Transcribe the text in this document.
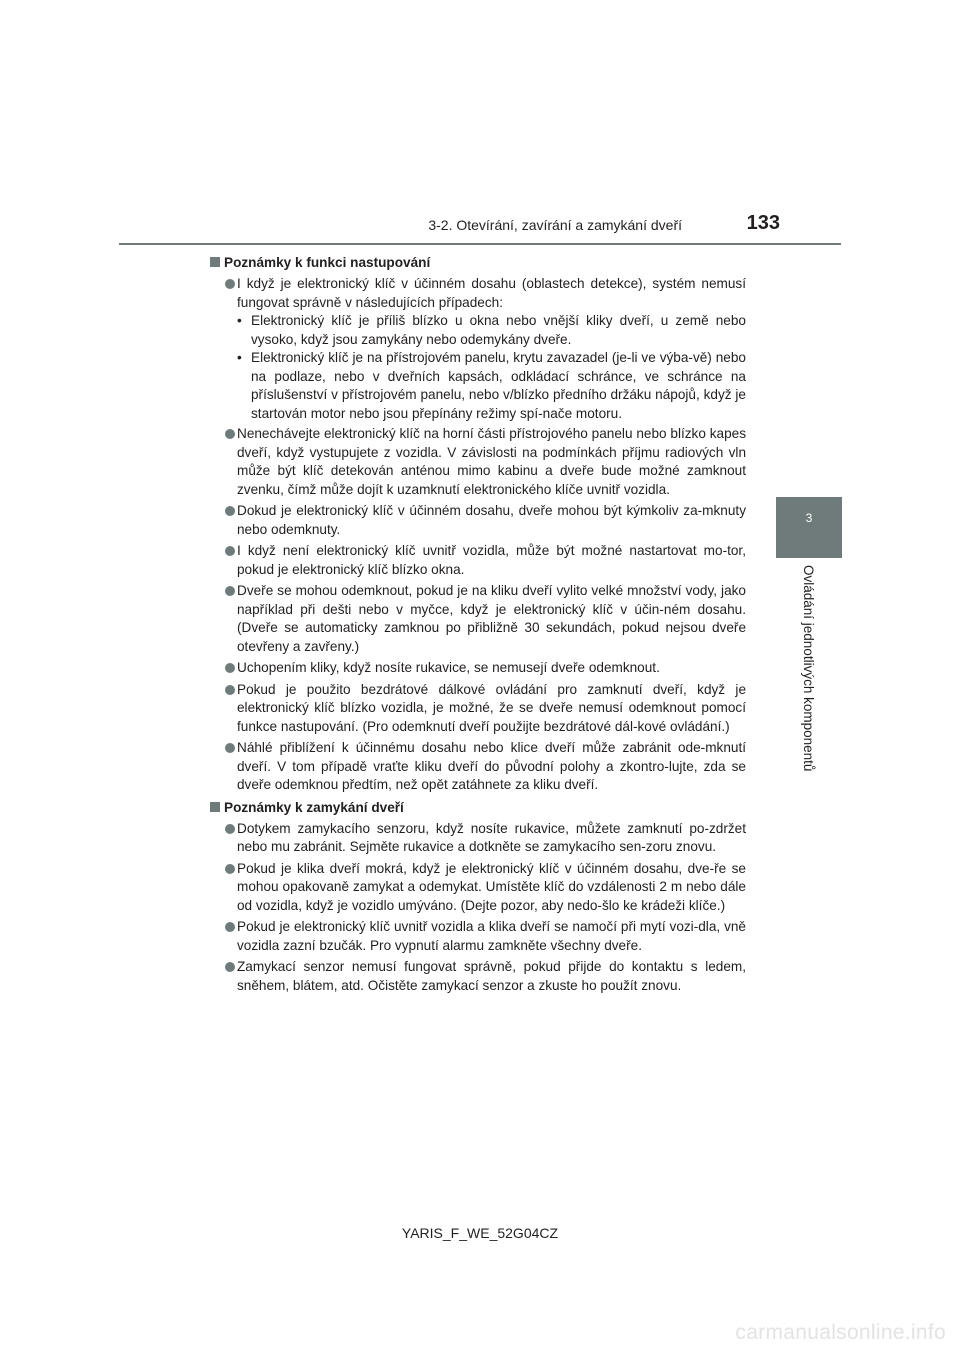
3-2. Otevírání, zavírání a zamykání dveří	133
3
Ovládání jednotlivých komponentů
Poznámky k funkci nastupování
I když je elektronický klíč v účinném dosahu (oblastech detekce), systém nemusí fungovat správně v následujících případech:
• Elektronický klíč je příliš blízko u okna nebo vnější kliky dveří, u země nebo vysoko, když jsou zamykány nebo odemykány dveře.
• Elektronický klíč je na přístrojovém panelu, krytu zavazadel (je-li ve výba-vě) nebo na podlaze, nebo v dveřních kapsách, odkládací schránce, ve schránce na příslušenství v přístrojovém panelu, nebo v/blízko předního držáku nápojů, když je startován motor nebo jsou přepínány režimy spí-nače motoru.
Nenechávejte elektronický klíč na horní části přístrojového panelu nebo blízko kapes dveří, když vystupujete z vozidla. V závislosti na podmínkách příjmu radiových vln může být klíč detekován anténou mimo kabinu a dveře bude možné zamknout zvenku, čímž může dojít k uzamknutí elektronického klíče uvnitř vozidla.
Dokud je elektronický klíč v účinném dosahu, dveře mohou být kýmkoliv za-mknuty nebo odemknuty.
I když není elektronický klíč uvnitř vozidla, může být možné nastartovat mo-tor, pokud je elektronický klíč blízko okna.
Dveře se mohou odemknout, pokud je na kliku dveří vylito velké množství vody, jako například při dešti nebo v myčce, když je elektronický klíč v účin-ném dosahu. (Dveře se automaticky zamknou po přibližně 30 sekundách, pokud nejsou dveře otevřeny a zavřeny.)
Uchopením kliky, když nosíte rukavice, se nemusejí dveře odemknout.
Pokud je použito bezdrátové dálkové ovládání pro zamknutí dveří, když je elektronický klíč blízko vozidla, je možné, že se dveře nemusí odemknout pomocí funkce nastupování. (Pro odemknutí dveří použijte bezdrátové dál-kové ovládání.)
Náhlé přiblížení k účinnému dosahu nebo klice dveří může zabránit ode-mknutí dveří. V tom případě vraťte kliku dveří do původní polohy a zkontro-lujte, zda se dveře odemknou předtím, než opět zatáhnete za kliku dveří.
Poznámky k zamykání dveří
Dotykem zamykacího senzoru, když nosíte rukavice, můžete zamknutí po-zdržet nebo mu zabránit. Sejměte rukavice a dotkněte se zamykacího sen-zoru znovu.
Pokud je klika dveří mokrá, když je elektronický klíč v účinném dosahu, dve-ře se mohou opakovaně zamykat a odemykat. Umístěte klíč do vzdálenosti 2 m nebo dále od vozidla, když je vozidlo umýváno. (Dejte pozor, aby nedo-šlo ke krádeži klíče.)
Pokud je elektronický klíč uvnitř vozidla a klika dveří se namočí při mytí vozi-dla, vně vozidla zazní bzučák. Pro vypnutí alarmu zamkněte všechny dveře.
Zamykací senzor nemusí fungovat správně, pokud přijde do kontaktu s ledem, sněhem, blátem, atd. Očistěte zamykací senzor a zkuste ho použít znovu.
YARIS_F_WE_52G04CZ
carmanualsonline.info
